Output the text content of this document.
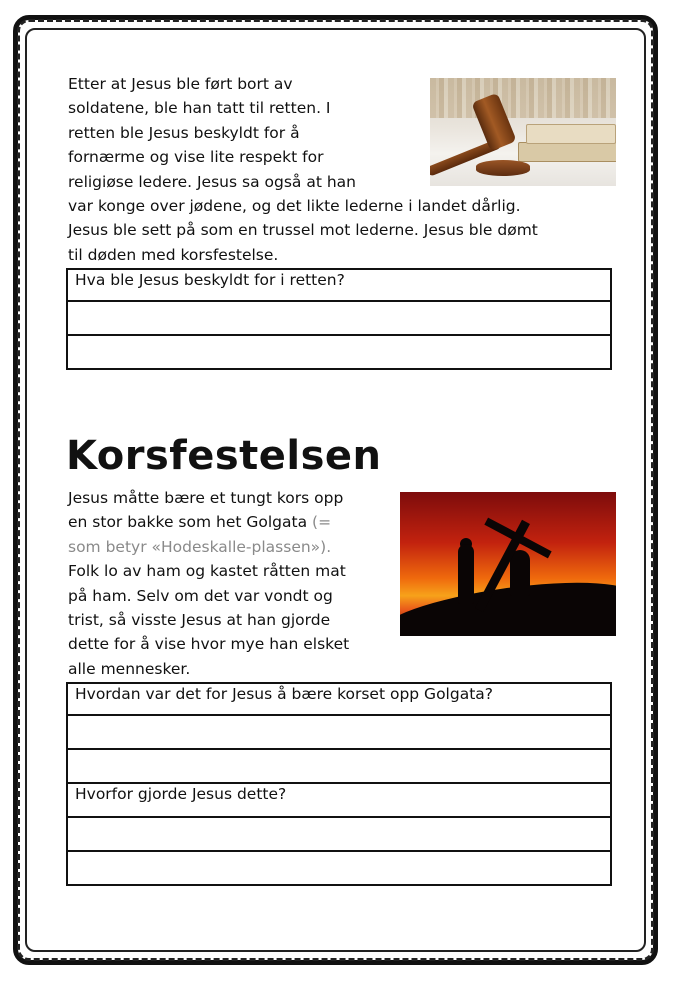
Etter at Jesus ble ført bort av
soldatene, ble han tatt til retten. I
retten ble Jesus beskyldt for å
fornærme og vise lite respekt for
religiøse ledere. Jesus sa også at han
var konge over jødene, og det likte lederne i landet dårlig.
Jesus ble sett på som en trussel mot lederne. Jesus ble dømt
til døden med korsfestelse.
Hva ble Jesus beskyldt for i retten?
Korsfestelsen
Jesus måtte bære et tungt kors opp
en stor bakke som het Golgata (=
som betyr «Hodeskalle-plassen»).
Folk lo av ham og kastet råtten mat
på ham. Selv om det var vondt og
trist, så visste Jesus at han gjorde
dette for å vise hvor mye han elsket
alle mennesker.
Hvordan var det for Jesus å bære korset opp Golgata?
Hvorfor gjorde Jesus dette?
